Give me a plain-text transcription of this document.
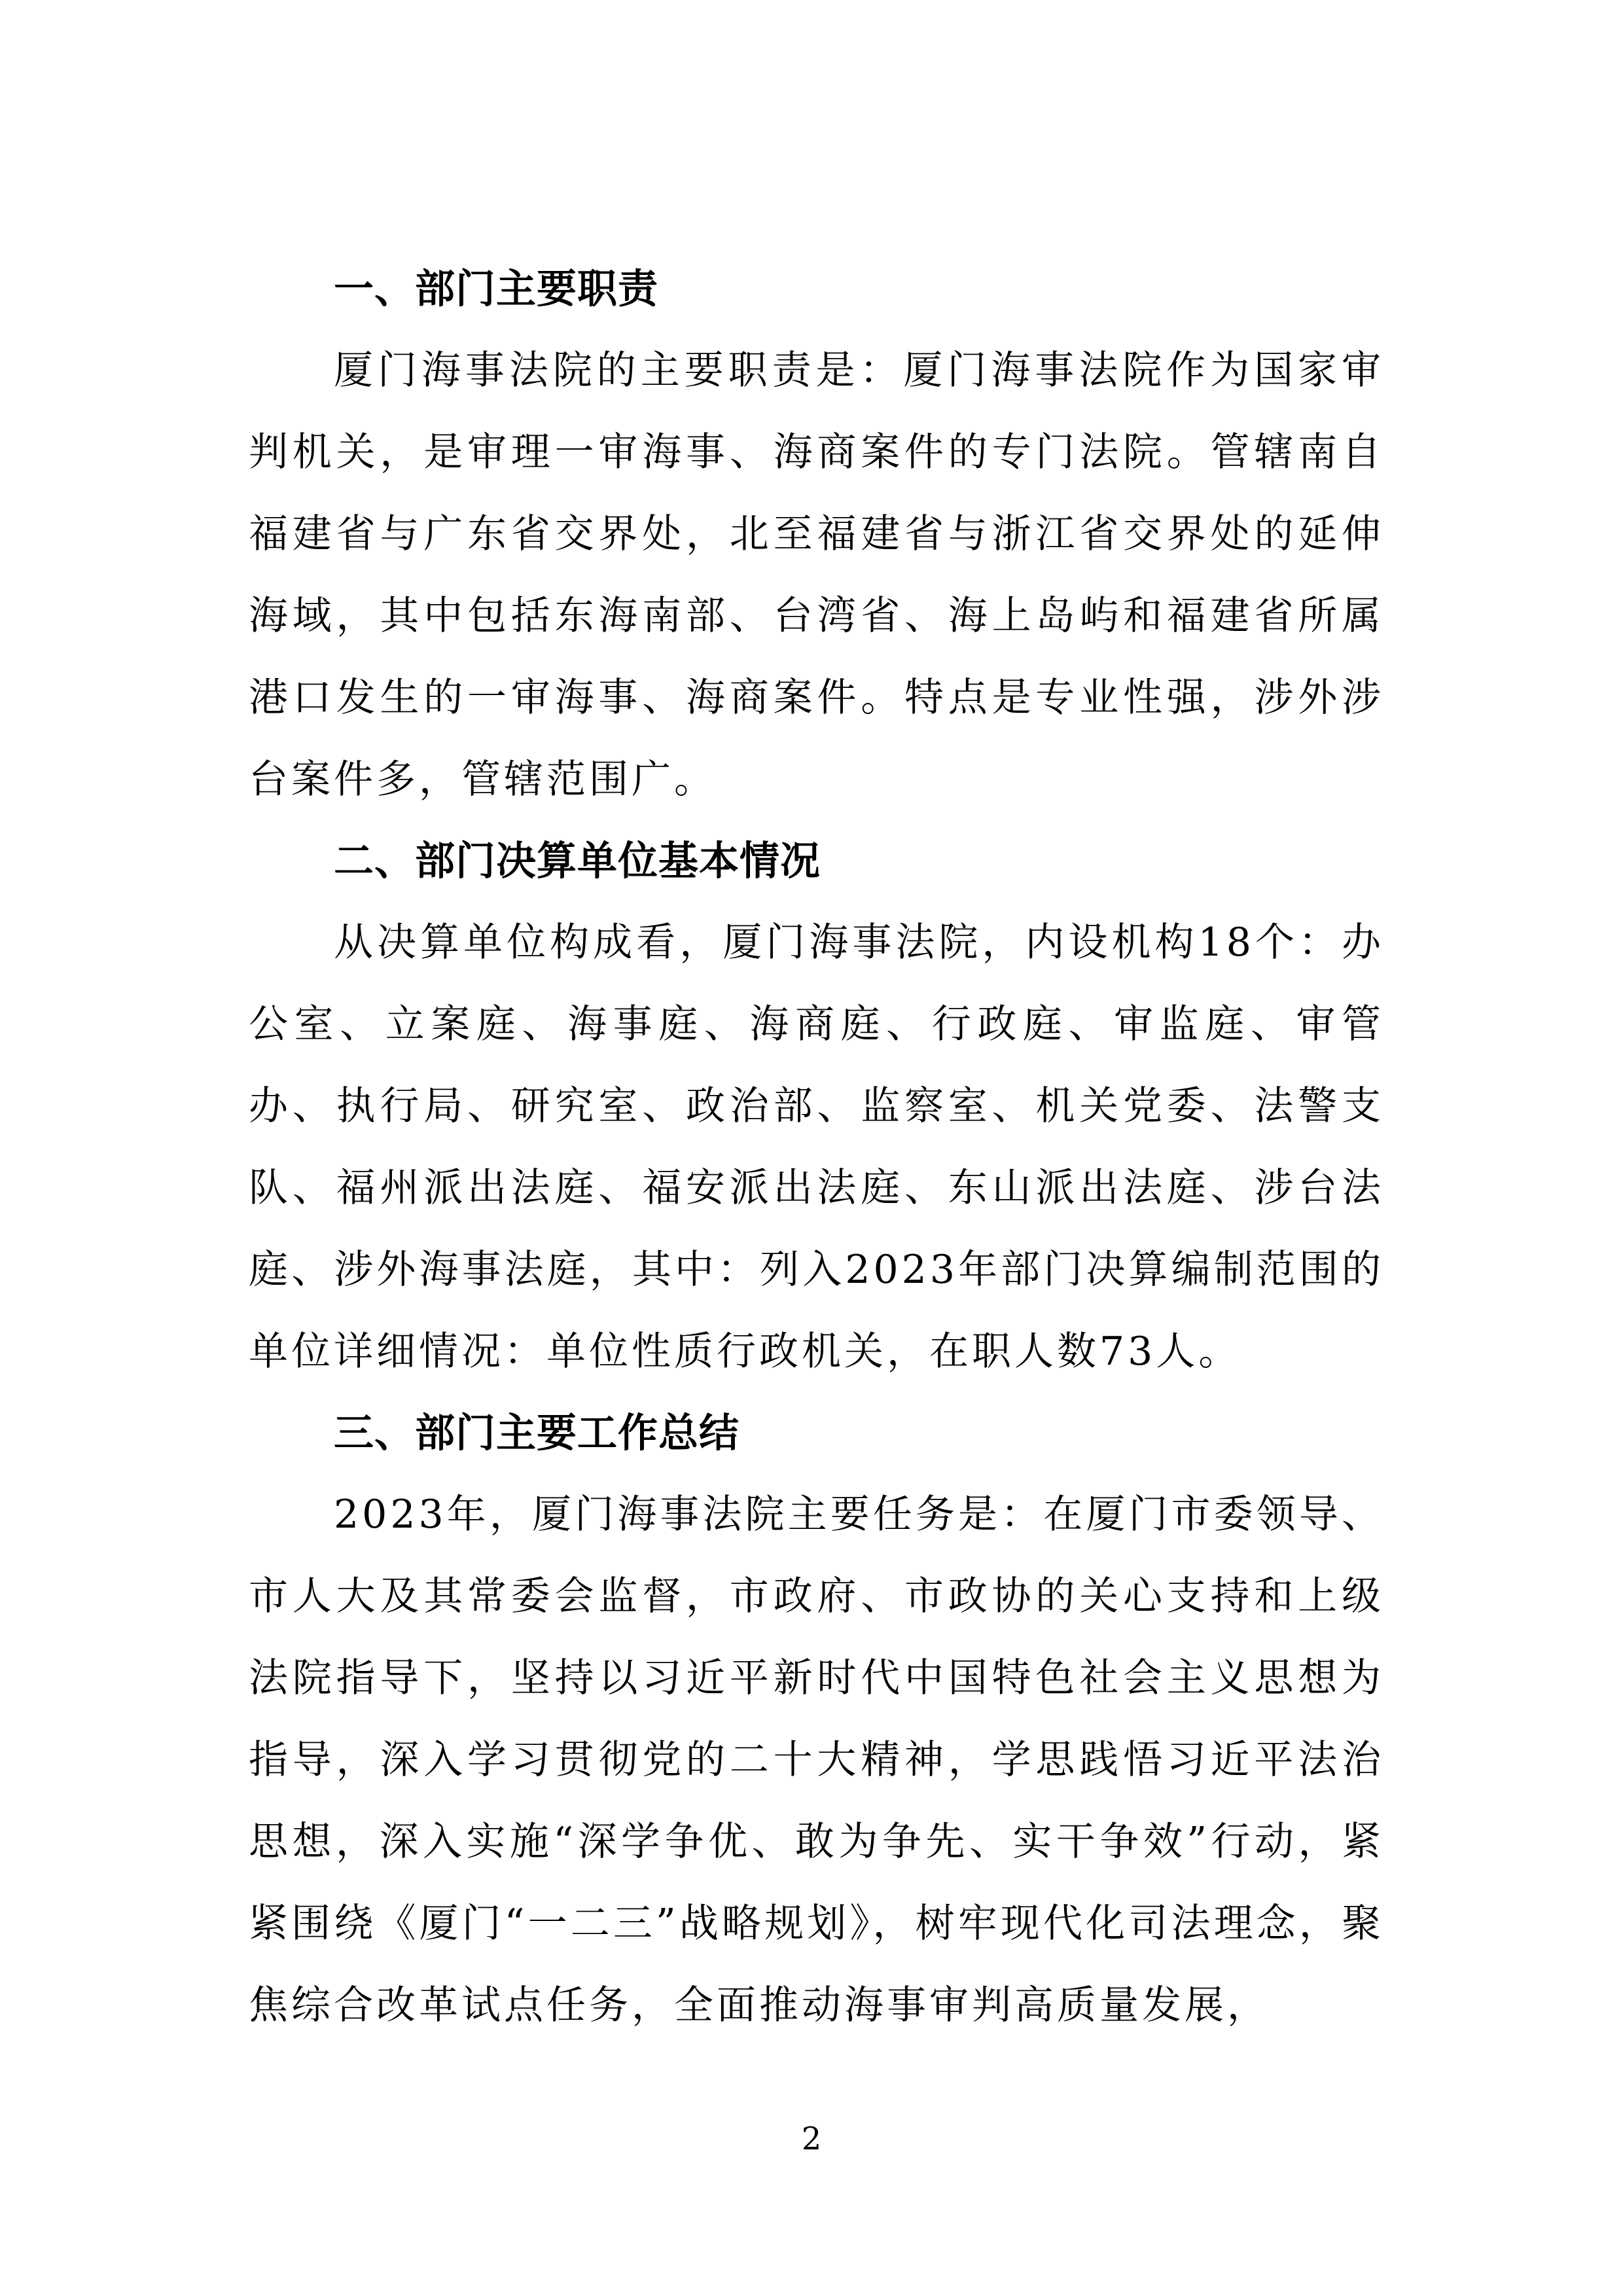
一、部门主要职责

厦门海事法院的主要职责是：厦门海事法院作为国家审判机关，是审理一审海事、海商案件的专门法院。管辖南自福建省与广东省交界处，北至福建省与浙江省交界处的延伸海域，其中包括东海南部、台湾省、海上岛屿和福建省所属港口发生的一审海事、海商案件。特点是专业性强，涉外涉台案件多，管辖范围广。

二、部门决算单位基本情况

从决算单位构成看，厦门海事法院，内设机构18个：办公室、立案庭、海事庭、海商庭、行政庭、审监庭、审管办、执行局、研究室、政治部、监察室、机关党委、法警支队、福州派出法庭、福安派出法庭、东山派出法庭、涉台法庭、涉外海事法庭，其中：列入2023年部门决算编制范围的单位详细情况：单位性质行政机关，在职人数73人。

三、部门主要工作总结

2023年，厦门海事法院主要任务是：在厦门市委领导、市人大及其常委会监督，市政府、市政协的关心支持和上级法院指导下，坚持以习近平新时代中国特色社会主义思想为指导，深入学习贯彻党的二十大精神，学思践悟习近平法治思想，深入实施“深学争优、敢为争先、实干争效”行动，紧紧围绕《厦门“一二三”战略规划》，树牢现代化司法理念，聚焦综合改革试点任务，全面推动海事审判高质量发展，

2
